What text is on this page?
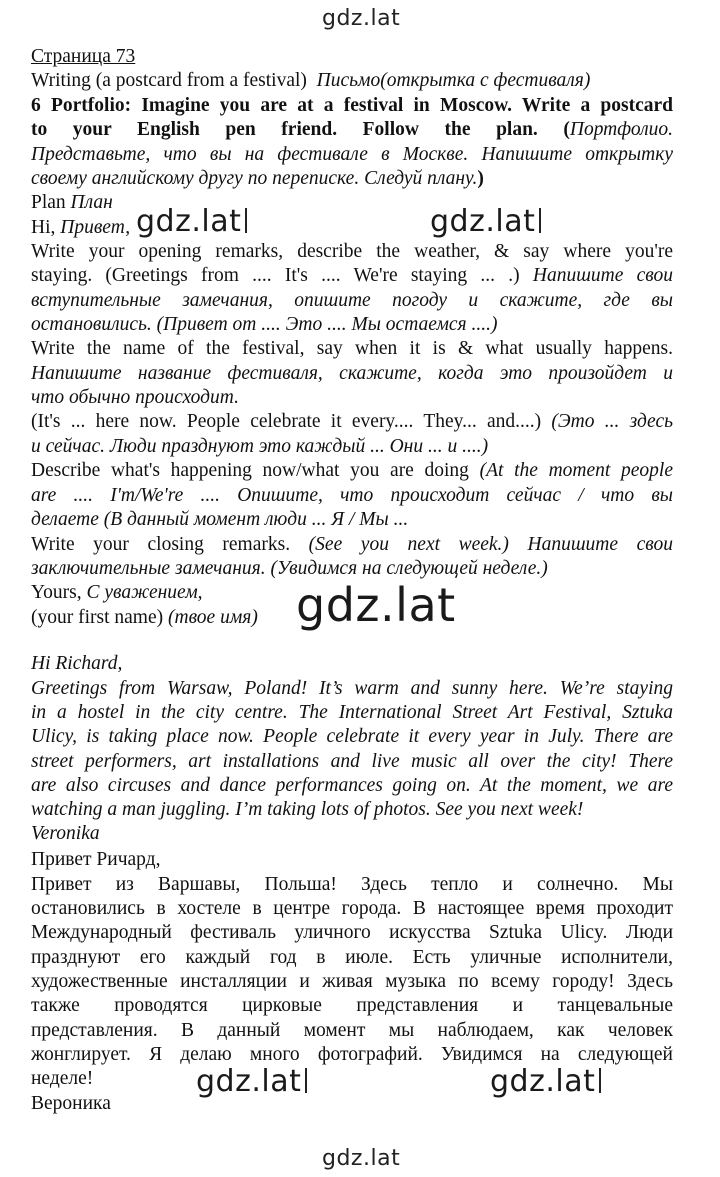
gdz.lat
Страница 73
Writing (a postcard from a festival) Письмо(открытка с фестиваля)
6 Portfolio: Imagine you are at a festival in Moscow. Write a postcard
to your English pen friend. Follow the plan. (Портфолио.
Представьте, что вы на фестивале в Москве. Напишите открытку
своему английскому другу по переписке. Следуй плану.)
Plan План
Hi, Привет, gdz.lat	gdz.lat
Write your opening remarks, describe the weather, & say where you're
staying. (Greetings from .... It's .... We're staying ... .) Напишите свои
вступительные замечания, опишите погоду и скажите, где вы
остановились. (Привет от .... Это .... Мы остаемся ....)
Write the name of the festival, say when it is & what usually happens.
Напишите название фестиваля, скажите, когда это произойдет и
что обычно происходит.
(It's ... here now. People celebrate it every.... They... and....) (Это ... здесь
и сейчас. Люди празднуют это каждый ... Они ... и ....)
Describe what's happening now/what you are doing (At the moment people
are .... I'm/We're .... Опишите, что происходит сейчас / что вы
делаете (В данный момент люди ... Я / Мы ...
Write your closing remarks. (See you next week.) Напишите свои
заключительные замечания. (Увидимся на следующей неделе.)
Yours, С уважением,
(your first name) (твое имя) gdz.lat
Hi Richard,
Greetings from Warsaw, Poland! It’s warm and sunny here. We’re staying
in a hostel in the city centre. The International Street Art Festival, Sztuka
Ulicy, is taking place now. People celebrate it every year in July. There are
street performers, art installations and live music all over the city! There
are also circuses and dance performances going on. At the moment, we are
watching a man juggling. I’m taking lots of photos. See you next week!
Veronika
Привет Ричард,
Привет из Варшавы, Польша! Здесь тепло и солнечно. Мы
остановились в хостеле в центре города. В настоящее время проходит
Международный фестиваль уличного искусства Sztuka Ulicy. Люди
празднуют его каждый год в июле. Есть уличные исполнители,
художественные инсталляции и живая музыка по всему городу! Здесь
также проводятся цирковые представления и танцевальные
представления. В данный момент мы наблюдаем, как человек
жонглирует. Я делаю много фотографий. Увидимся на следующей
неделе!
Вероника
gdz.lat	gdz.lat
gdz.lat
